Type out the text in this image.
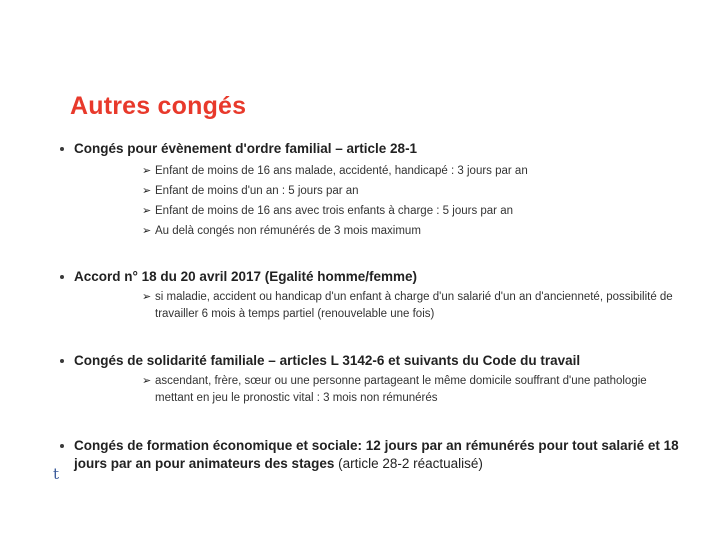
Autres congés
Congés pour évènement d'ordre familial – article 28-1
➢ Enfant de moins de 16 ans malade, accidenté, handicapé : 3 jours par an
➢ Enfant de moins d'un an : 5 jours par an
➢ Enfant de moins de 16 ans avec trois enfants à charge : 5 jours par an
➢ Au delà congés non rémunérés de 3 mois maximum
Accord n° 18 du 20 avril 2017 (Egalité homme/femme)
➢ si maladie, accident ou handicap d'un enfant à charge d'un salarié d'un an d'ancienneté, possibilité de travailler 6 mois à temps partiel (renouvelable une fois)
Congés de solidarité familiale – articles L 3142-6 et suivants du Code du travail
➢ ascendant, frère, sœur ou une personne partageant le même domicile souffrant d'une pathologie mettant en jeu le pronostic vital : 3 mois non rémunérés
Congés de formation économique et sociale: 12 jours par an rémunérés pour tout salarié et 18 jours par an pour animateurs des stages (article 28-2 réactualisé)
t
